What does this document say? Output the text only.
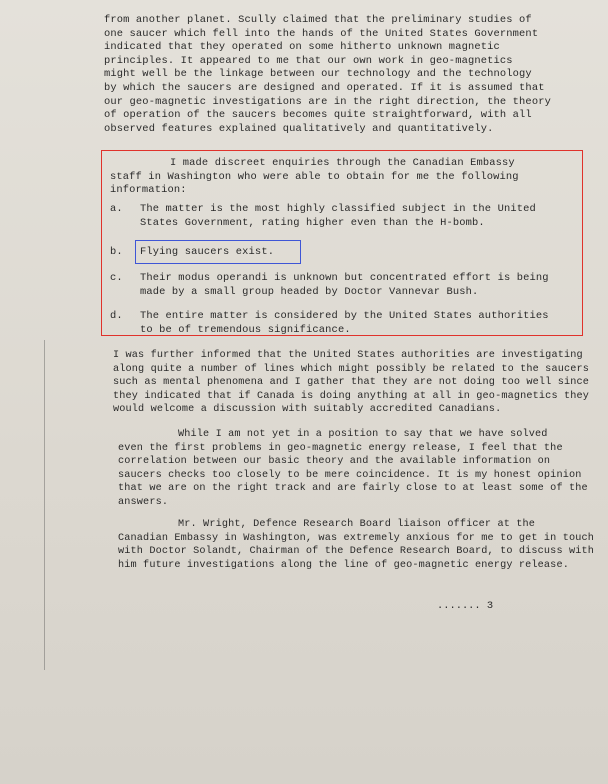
from another planet. Scully claimed that the preliminary studies of
one saucer which fell into the hands of the United States Government
indicated that they operated on some hitherto unknown magnetic
principles. It appeared to me that our own work in geo-magnetics
might well be the linkage between our technology and the technology
by which the saucers are designed and operated. If it is assumed that
our geo-magnetic investigations are in the right direction, the theory
of operation of the saucers becomes quite straightforward, with all
observed features explained qualitatively and quantitatively.
I made discreet enquiries through the Canadian Embassy
staff in Washington who were able to obtain for me the following
information:
a. The matter is the most highly classified subject in the United
States Government, rating higher even than the H-bomb.
b. Flying saucers exist.
c. Their modus operandi is unknown but concentrated effort is being
made by a small group headed by Doctor Vannevar Bush.
d. The entire matter is considered by the United States authorities
to be of tremendous significance.
I was further informed that the United States authorities are investigating
along quite a number of lines which might possibly be related to the saucers
such as mental phenomena and I gather that they are not doing too well since
they indicated that if Canada is doing anything at all in geo-magnetics they
would welcome a discussion with suitably accredited Canadians.
While I am not yet in a position to say that we have solved
even the first problems in geo-magnetic energy release, I feel that the
correlation between our basic theory and the available information on
saucers checks too closely to be mere coincidence. It is my honest opinion
that we are on the right track and are fairly close to at least some of the
answers.
Mr. Wright, Defence Research Board liaison officer at the
Canadian Embassy in Washington, was extremely anxious for me to get in touch
with Doctor Solandt, Chairman of the Defence Research Board, to discuss with
him future investigations along the line of geo-magnetic energy release.
....... 3
